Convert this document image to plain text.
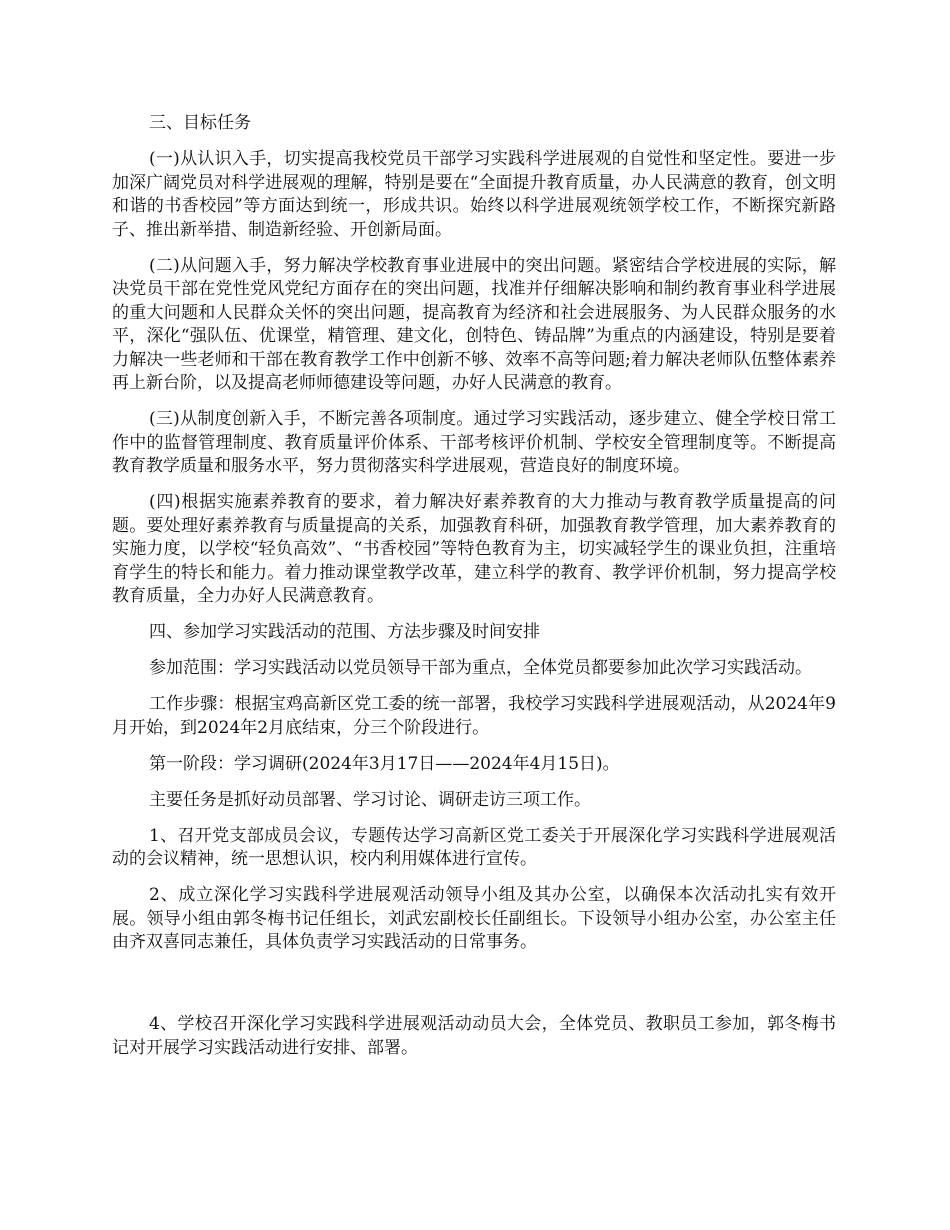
三、目标任务

(一)从认识入手，切实提高我校党员干部学习实践科学进展观的自觉性和坚定性。要进一步加深广阔党员对科学进展观的理解，特别是要在“全面提升教育质量，办人民满意的教育，创文明和谐的书香校园”等方面达到统一，形成共识。始终以科学进展观统领学校工作，不断探究新路子、推出新举措、制造新经验、开创新局面。

(二)从问题入手，努力解决学校教育事业进展中的突出问题。紧密结合学校进展的实际，解决党员干部在党性党风党纪方面存在的突出问题，找准并仔细解决影响和制约教育事业科学进展的重大问题和人民群众关怀的突出问题，提高教育为经济和社会进展服务、为人民群众服务的水平，深化“强队伍、优课堂，精管理、建文化，创特色、铸品牌”为重点的内涵建设，特别是要着力解决一些老师和干部在教育教学工作中创新不够、效率不高等问题;着力解决老师队伍整体素养再上新台阶，以及提高老师师德建设等问题，办好人民满意的教育。

(三)从制度创新入手，不断完善各项制度。通过学习实践活动，逐步建立、健全学校日常工作中的监督管理制度、教育质量评价体系、干部考核评价机制、学校安全管理制度等。不断提高教育教学质量和服务水平，努力贯彻落实科学进展观，营造良好的制度环境。

(四)根据实施素养教育的要求，着力解决好素养教育的大力推动与教育教学质量提高的问题。要处理好素养教育与质量提高的关系，加强教育科研，加强教育教学管理，加大素养教育的实施力度，以学校“轻负高效”、“书香校园”等特色教育为主，切实减轻学生的课业负担，注重培育学生的特长和能力。着力推动课堂教学改革，建立科学的教育、教学评价机制，努力提高学校教育质量，全力办好人民满意教育。

四、参加学习实践活动的范围、方法步骤及时间安排

参加范围：学习实践活动以党员领导干部为重点，全体党员都要参加此次学习实践活动。

工作步骤：根据宝鸡高新区党工委的统一部署，我校学习实践科学进展观活动，从2024年9月开始，到2024年2月底结束，分三个阶段进行。

第一阶段：学习调研(2024年3月17日——2024年4月15日)。

主要任务是抓好动员部署、学习讨论、调研走访三项工作。

1、召开党支部成员会议，专题传达学习高新区党工委关于开展深化学习实践科学进展观活动的会议精神，统一思想认识，校内利用媒体进行宣传。

2、成立深化学习实践科学进展观活动领导小组及其办公室，以确保本次活动扎实有效开展。领导小组由郭冬梅书记任组长，刘武宏副校长任副组长。下设领导小组办公室，办公室主任由齐双喜同志兼任，具体负责学习实践活动的日常事务。

4、学校召开深化学习实践科学进展观活动动员大会，全体党员、教职员工参加，郭冬梅书记对开展学习实践活动进行安排、部署。
